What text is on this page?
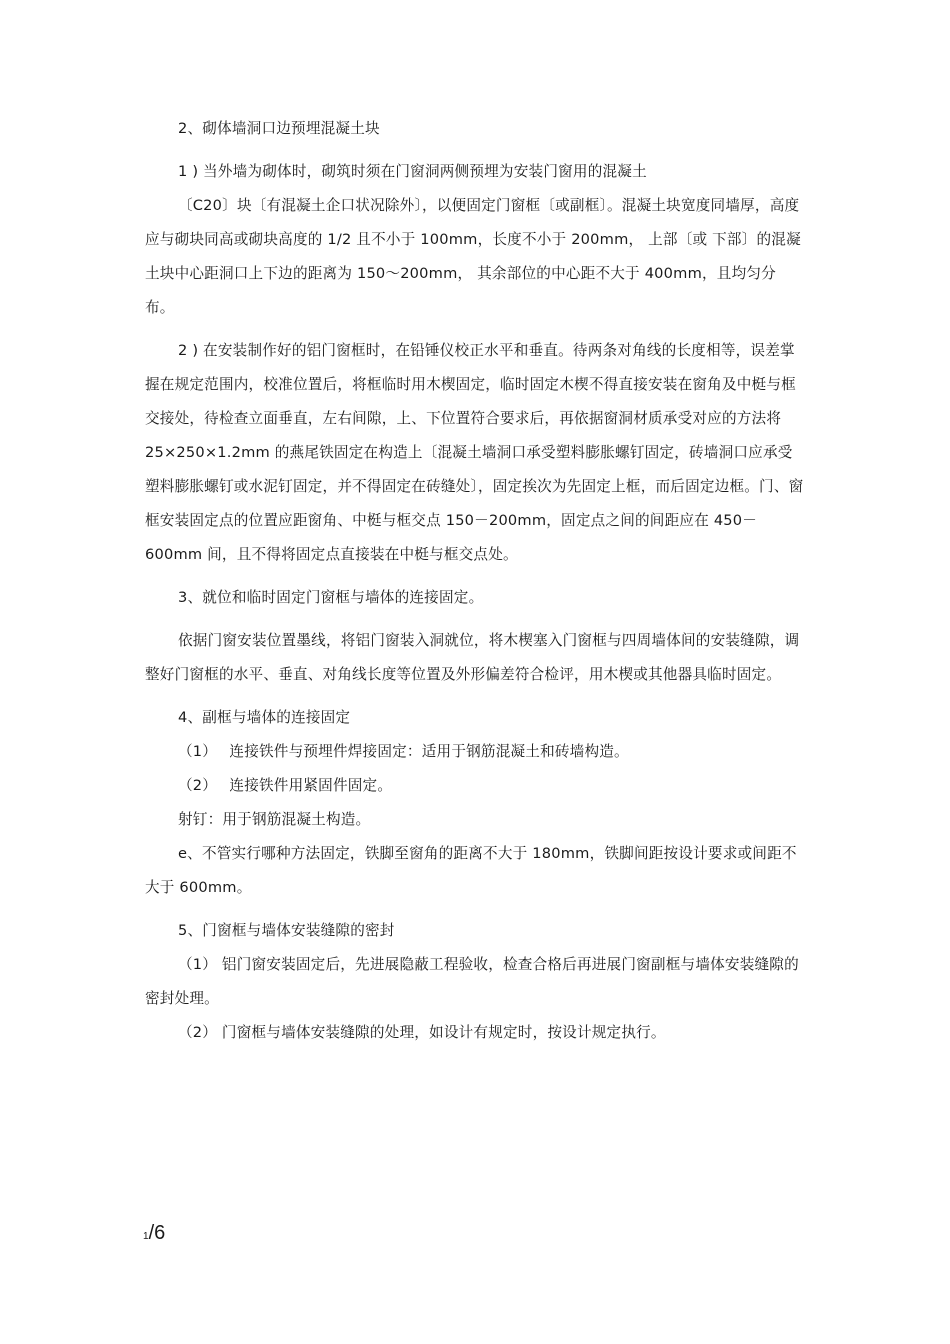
2、砌体墙洞口边预埋混凝土块

1 ) 当外墙为砌体时，砌筑时须在门窗洞两侧预埋为安装门窗用的混凝土

〔C20〕块〔有混凝土企口状况除外〕，以便固定门窗框〔或副框〕。混凝土块宽度同墙厚，高度应与砌块同高或砌块高度的 1/2 且不小于 100mm，长度不小于 200mm， 上部〔或 下部〕的混凝土块中心距洞口上下边的距离为 150～200mm， 其余部位的中心距不大于 400mm，且均匀分布。

2 ) 在安装制作好的铝门窗框时，在铅锤仪校正水平和垂直。待两条对角线的长度相等，误差掌握在规定范围内，校准位置后，将框临时用木楔固定，临时固定木楔不得直接安装在窗角及中梃与框交接处，待检查立面垂直，左右间隙，上、下位置符合要求后，再依据窗洞材质承受对应的方法将 25×250×1.2mm 的燕尾铁固定在构造上〔混凝土墙洞口承受塑料膨胀螺钉固定，砖墙洞口应承受塑料膨胀螺钉或水泥钉固定，并不得固定在砖缝处〕，固定挨次为先固定上框，而后固定边框。门、窗框安装固定点的位置应距窗角、中梃与框交点 150－200mm，固定点之间的间距应在 450－600mm 间，且不得将固定点直接装在中梃与框交点处。

3、就位和临时固定门窗框与墙体的连接固定。

依据门窗安装位置墨线，将铝门窗装入洞就位，将木楔塞入门窗框与四周墙体间的安装缝隙，调整好门窗框的水平、垂直、对角线长度等位置及外形偏差符合检评，用木楔或其他器具临时固定。

4、副框与墙体的连接固定

（1）　 连接铁件与预埋件焊接固定：适用于钢筋混凝土和砖墙构造。

（2）　 连接铁件用紧固件固定。

射钉：用于钢筋混凝土构造。

e、不管实行哪种方法固定，铁脚至窗角的距离不大于 180mm，铁脚间距按设计要求或间距不大于 600mm。

5、门窗框与墙体安装缝隙的密封

（1） 铝门窗安装固定后，先进展隐蔽工程验收，检查合格后再进展门窗副框与墙体安装缝隙的密封处理。

（2） 门窗框与墙体安装缝隙的处理，如设计有规定时，按设计规定执行。

1/6
